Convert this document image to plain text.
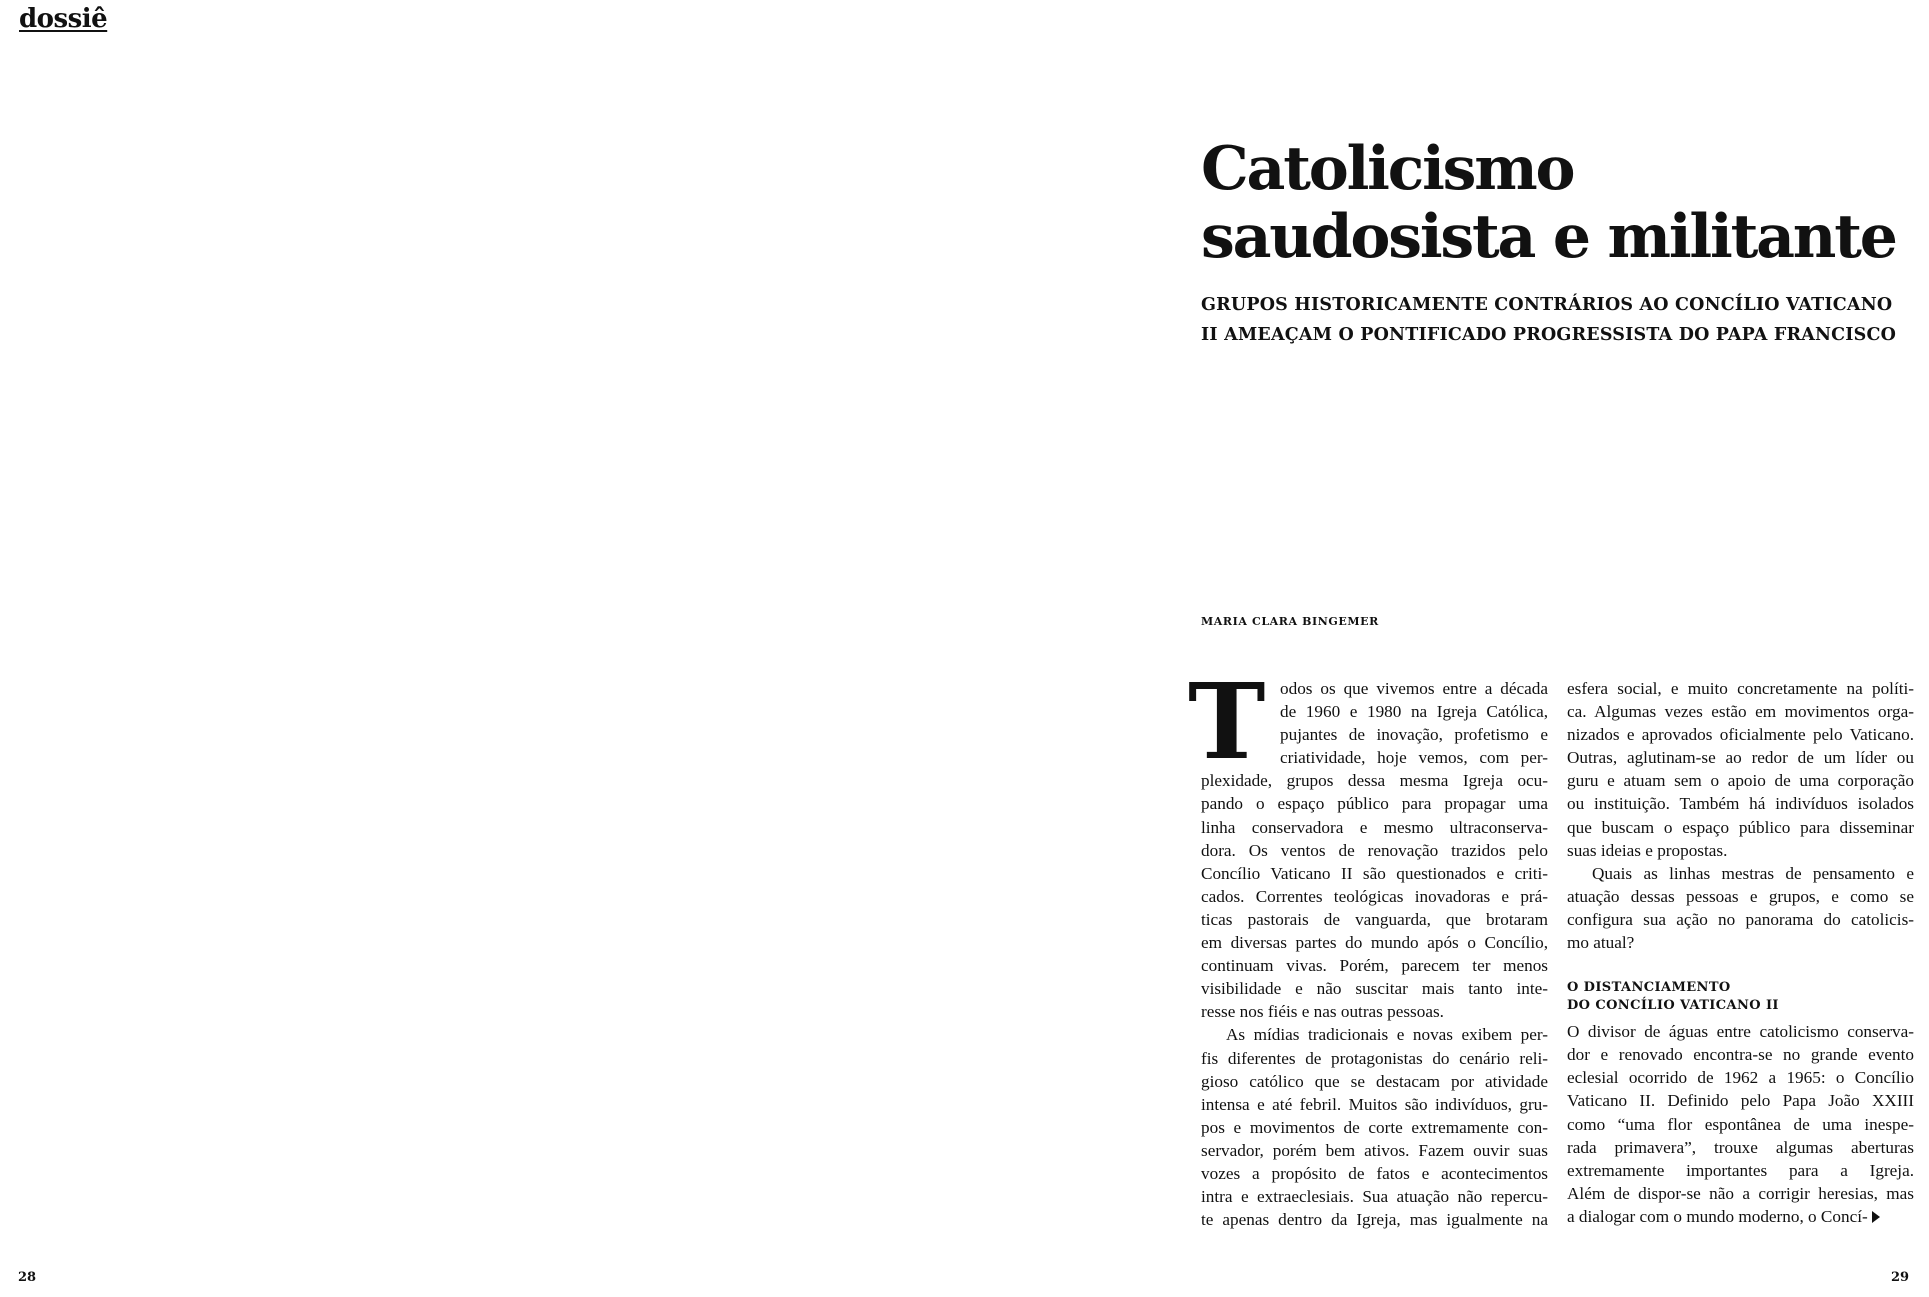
dossiê
Catolicismo
saudosista e militante
GRUPOS HISTORICAMENTE CONTRÁRIOS AO CONCÍLIO VATICANO
II AMEAÇAM O PONTIFICADO PROGRESSISTA DO PAPA FRANCISCO
MARIA CLARA BINGEMER
T odos os que vivemos entre a década
de 1960 e 1980 na Igreja Católica,
pujantes de inovação, profetismo e
criatividade, hoje vemos, com per-
plexidade, grupos dessa mesma Igreja ocu-
pando o espaço público para propagar uma
linha conservadora e mesmo ultraconserva-
dora. Os ventos de renovação trazidos pelo
Concílio Vaticano II são questionados e criti-
cados. Correntes teológicas inovadoras e prá-
ticas pastorais de vanguarda, que brotaram
em diversas partes do mundo após o Concílio,
continuam vivas. Porém, parecem ter menos
visibilidade e não suscitar mais tanto inte-
resse nos fiéis e nas outras pessoas.
As mídias tradicionais e novas exibem per-
fis diferentes de protagonistas do cenário reli-
gioso católico que se destacam por atividade
intensa e até febril. Muitos são indivíduos, gru-
pos e movimentos de corte extremamente con-
servador, porém bem ativos. Fazem ouvir suas
vozes a propósito de fatos e acontecimentos
intra e extraeclesiais. Sua atuação não repercu-
te apenas dentro da Igreja, mas igualmente na
esfera social, e muito concretamente na políti-
ca. Algumas vezes estão em movimentos orga-
nizados e aprovados oficialmente pelo Vaticano.
Outras, aglutinam-se ao redor de um líder ou
guru e atuam sem o apoio de uma corporação
ou instituição. Também há indivíduos isolados
que buscam o espaço público para disseminar
suas ideias e propostas.
Quais as linhas mestras de pensamento e
atuação dessas pessoas e grupos, e como se
configura sua ação no panorama do catolicis-
mo atual?
O DISTANCIAMENTO
DO CONCÍLIO VATICANO II
O divisor de águas entre catolicismo conserva-
dor e renovado encontra-se no grande evento
eclesial ocorrido de 1962 a 1965: o Concílio
Vaticano II. Definido pelo Papa João XXIII
como “uma flor espontânea de uma inespe-
rada primavera”, trouxe algumas aberturas
extremamente importantes para a Igreja.
Além de dispor-se não a corrigir heresias, mas
a dialogar com o mundo moderno, o Concí-
28	29
